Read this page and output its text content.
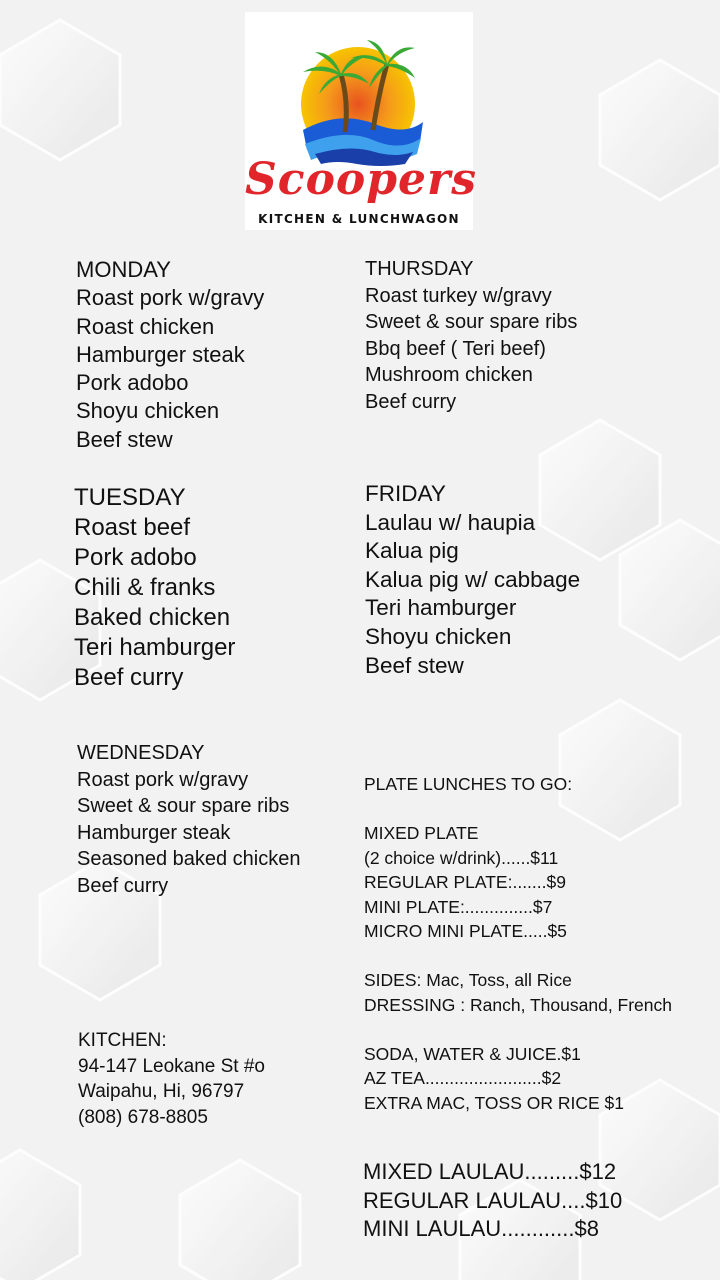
Scoopers
KITCHEN & LUNCHWAGON
MONDAY
Roast pork w/gravy
Roast chicken
Hamburger steak
Pork adobo
Shoyu chicken
Beef stew
TUESDAY
Roast beef
Pork adobo
Chili & franks
Baked chicken
Teri hamburger
Beef curry
WEDNESDAY
Roast pork w/gravy
Sweet & sour spare ribs
Hamburger steak
Seasoned baked chicken
Beef curry
THURSDAY
Roast turkey w/gravy
Sweet & sour spare ribs
Bbq beef ( Teri beef)
Mushroom chicken
Beef curry
FRIDAY
Laulau w/ haupia
Kalua pig
Kalua pig w/ cabbage
Teri hamburger
Shoyu chicken
Beef stew
KITCHEN:
94-147 Leokane St #o
Waipahu, Hi, 96797
(808) 678-8805
PLATE LUNCHES TO GO:
MIXED PLATE
(2 choice w/drink)......$11
REGULAR PLATE:.......$9
MINI PLATE:..............$7
MICRO MINI PLATE.....$5
SIDES: Mac, Toss, all Rice
DRESSING : Ranch, Thousand, French
SODA, WATER & JUICE.$1
AZ TEA........................$2
EXTRA MAC, TOSS OR RICE $1
MIXED LAULAU.........$12
REGULAR LAULAU....$10
MINI LAULAU............$8
